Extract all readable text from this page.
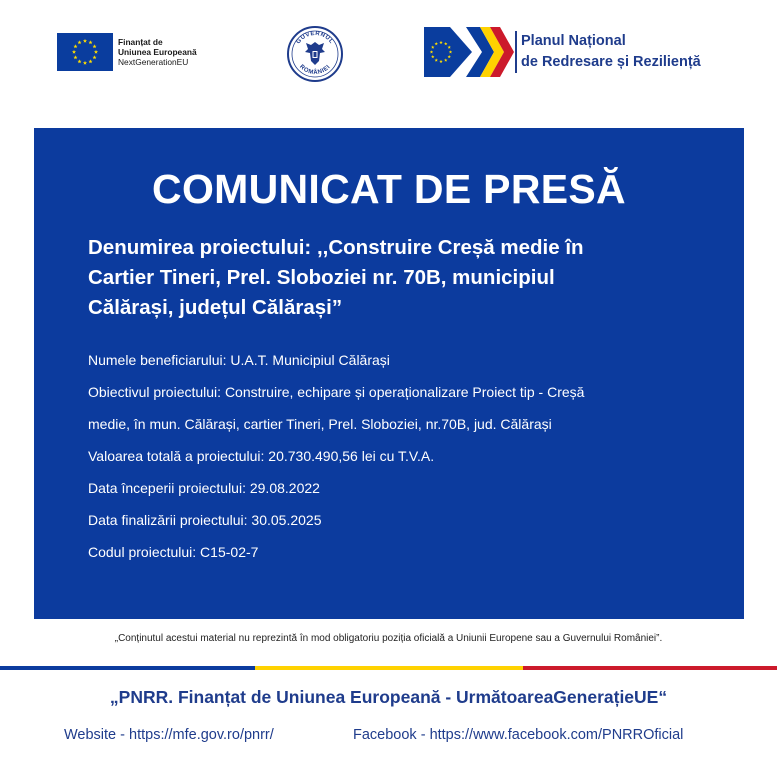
Finanțat de
Uniunea Europeană
NextGenerationEU
GUVERNUL
ROMÂNIEI
Planul Național
de Redresare și Reziliență
COMUNICAT DE PRESĂ
Denumirea proiectului: ,,Construire Creșă medie în
Cartier Tineri, Prel. Sloboziei nr. 70B, municipiul
Călărași, județul Călărași”
Numele beneficiarului: U.A.T. Municipiul Călărași
Obiectivul proiectului: Construire, echipare și operaționalizare Proiect tip - Creșă
medie, în mun. Călărași, cartier Tineri, Prel. Sloboziei, nr.70B, jud. Călărași
Valoarea totală a proiectului: 20.730.490,56 lei cu T.V.A.
Data începerii proiectului: 29.08.2022
Data finalizării proiectului: 30.05.2025
Codul proiectului: C15-02-7
„Conținutul acestui material nu reprezintă în mod obligatoriu poziția oficială a Uniunii Europene sau a Guvernului României”.
„PNRR. Finanțat de Uniunea Europeană - UrmătoareaGenerațieUE“
Website - https://mfe.gov.ro/pnrr/	Facebook - https://www.facebook.com/PNRROficial
